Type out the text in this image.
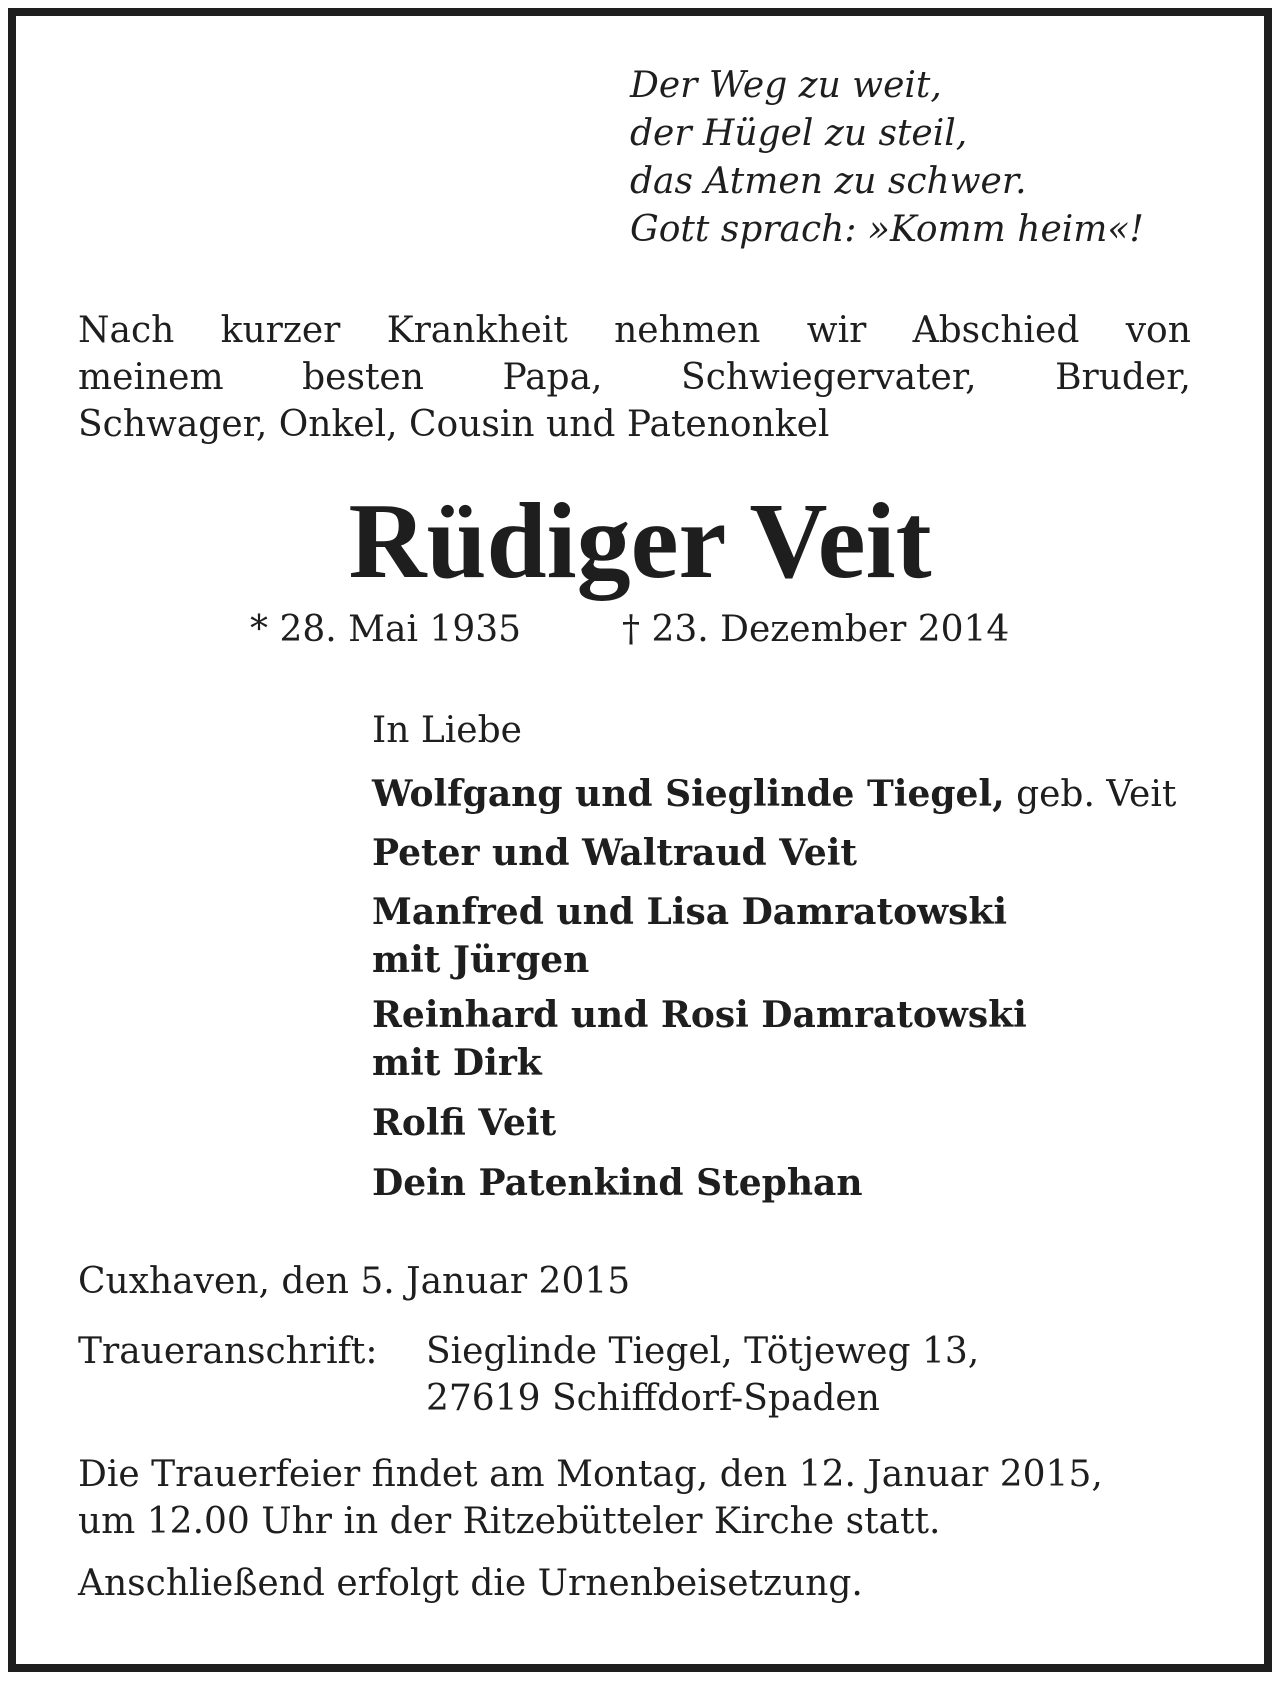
Der Weg zu weit,
der Hügel zu steil,
das Atmen zu schwer.
Gott sprach: »Komm heim«!
Nach kurzer Krankheit nehmen wir Abschied von
meinem besten Papa, Schwiegervater, Bruder,
Schwager, Onkel, Cousin und Patenonkel
Rüdiger Veit
* 28. Mai 1935	† 23. Dezember 2014
In Liebe
Wolfgang und Sieglinde Tiegel, geb. Veit
Peter und Waltraud Veit
Manfred und Lisa Damratowski
mit Jürgen
Reinhard und Rosi Damratowski
mit Dirk
Rolfi Veit
Dein Patenkind Stephan
Cuxhaven, den 5. Januar 2015
Traueranschrift: Sieglinde Tiegel, Tötjeweg 13,
27619 Schiffdorf-Spaden
Die Trauerfeier findet am Montag, den 12. Januar 2015,
um 12.00 Uhr in der Ritzebütteler Kirche statt.
Anschließend erfolgt die Urnenbeisetzung.
